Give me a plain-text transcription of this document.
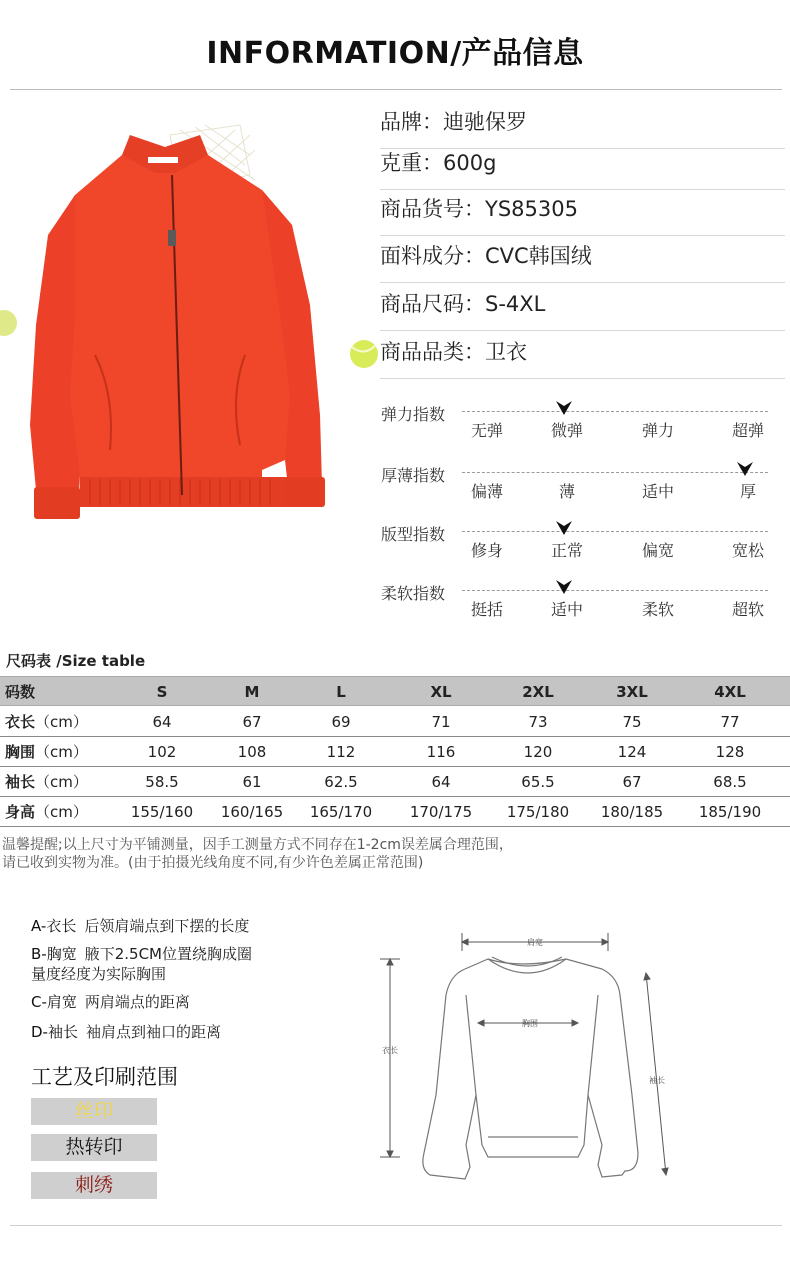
INFORMATION/产品信息
品牌：迪驰保罗
克重：600g
商品货号：YS85305
面料成分：CVC韩国绒
商品尺码：S-4XL
商品品类：卫衣
弹力指数
无弹	微弹	弹力	超弹
厚薄指数
偏薄	薄	适中	厚
版型指数
修身	正常	偏宽	宽松
柔软指数
挺括	适中	柔软	超软
尺码表 /Size table
码数	S	M	L	XL	2XL	3XL	4XL
衣长（cm）	64	67	69	71	73	75	77
胸围（cm）	102	108	112	116	120	124	128
袖长（cm）	58.5	61	62.5	64	65.5	67	68.5
身高（cm）	155/160 160/165 165/170	170/175 175/180 180/185 185/190
温馨提醒;以上尺寸为平铺测量，因手工测量方式不同存在1-2cm误差属合理范围，
请已收到实物为准。(由于拍摄光线角度不同,有少许色差属正常范围)
A-衣长 后领肩端点到下摆的长度
B-胸宽 腋下2.5CM位置绕胸成圈
量度经度为实际胸围
C-肩宽 两肩端点的距离
D-袖长 袖肩点到袖口的距离
工艺及印刷范围
丝印
热转印
刺绣
肩宽
胸围
衣长
袖长
